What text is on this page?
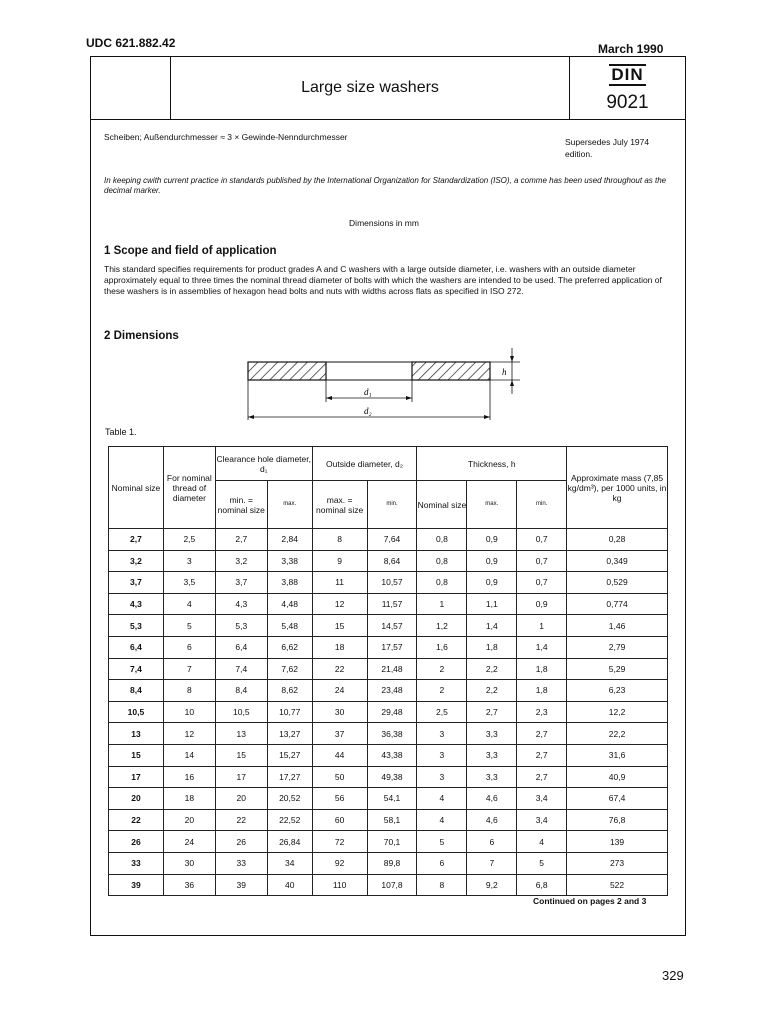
UDC 621.882.42	March 1990
Large size washers
DIN
9021
Scheiben; Außendurchmesser ≈ 3 × Gewinde-Nenndurchmesser	Supersedes July 1974 edition.
In keeping cwith current practice in standards published by the International Organization for Standardization (ISO), a comme has been used throughout as the decimal marker.
Dimensions in mm
1 Scope and field of application
This standard specifies requirements for product grades A and C washers with a large outside diameter, i.e. washers with an outside diameter approximately equal to three times the nominal thread diameter of bolts with which the washers are intended to be used. The preferred application of these washers is in assemblies of hexagon head bolts and nuts with widths across flats as specified in ISO 272.
2 Dimensions
d₁
d₂
h
Table 1.
Nominal size	For nominal thread of diameter	Clearance hole diameter, d₁		Outside diameter, d₂		Thickness, h			Approximate mass (7,85 kg/dm³), per 1000 units, in kg
		min. = nominal size	max.	max. = nominal size	min.	Nominal size	max.	min.	
2,7	2,5	2,7	2,84	8	7,64	0,8	0,9	0,7	0,28
3,2	3	3,2	3,38	9	8,64	0,8	0,9	0,7	0,349
3,7	3,5	3,7	3,88	11	10,57	0,8	0,9	0,7	0,529
4,3	4	4,3	4,48	12	11,57	1	1,1	0,9	0,774
5,3	5	5,3	5,48	15	14,57	1,2	1,4	1	1,46
6,4	6	6,4	6,62	18	17,57	1,6	1,8	1,4	2,79
7,4	7	7,4	7,62	22	21,48	2	2,2	1,8	5,29
8,4	8	8,4	8,62	24	23,48	2	2,2	1,8	6,23
10,5	10	10,5	10,77	30	29,48	2,5	2,7	2,3	12,2
13	12	13	13,27	37	36,38	3	3,3	2,7	22,2
15	14	15	15,27	44	43,38	3	3,3	2,7	31,6
17	16	17	17,27	50	49,38	3	3,3	2,7	40,9
20	18	20	20,52	56	54,1	4	4,6	3,4	67,4
22	20	22	22,52	60	58,1	4	4,6	3,4	76,8
26	24	26	26,84	72	70,1	5	6	4	139
33	30	33	34	92	89,8	6	7	5	273
39	36	39	40	110	107,8	8	9,2	6,8	522
Continued on pages 2 and 3
329
